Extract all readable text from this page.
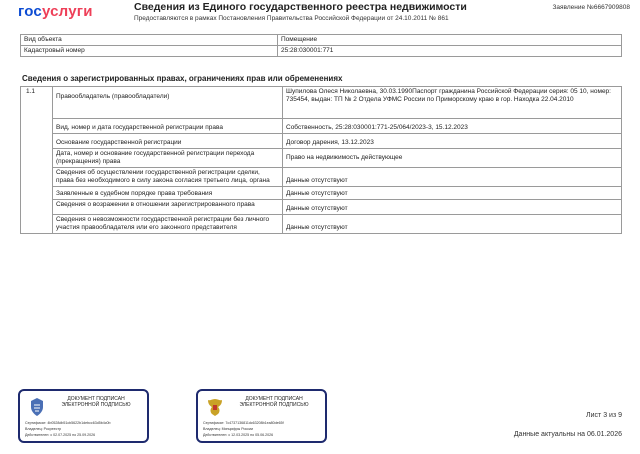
госуслуги	Сведения из Единого государственного реестра недвижимости
Предоставляются в рамках Постановления Правительства Российской Федерации от 24.10.2011 № 861
Заявление №6667909808
Вид объекта	Помещение
Кадастровый номер	25:28:030001:771
Сведения о зарегистрированных правах, ограничениях прав или обременениях
1.1	Правообладатель (правообладатели)	Шупилова Олеся Николаевна, 30.03.1990Паспорт гражданина Российской Федерации серия: 05 10, номер: 735454, выдан: ТП № 2 Отдела УФМС России по Приморскому краю в гор. Находка 22.04.2010
	Вид, номер и дата государственной регистрации права	Собственность, 25:28:030001:771-25/064/2023-3, 15.12.2023
	Основание государственной регистрации	Договор дарения, 13.12.2023
	Дата, номер и основание государственной регистрации перехода (прекращения) права	Право на недвижимость действующее
	Сведения об осуществлении государственной регистрации сделки, права без необходимого в силу закона согласия третьего лица, органа	Данные отсутствуют
	Заявленные в судебном порядке права требования	Данные отсутствуют
	Сведения о возражении в отношении зарегистрированного права	Данные отсутствуют
	Сведения о невозможности государственной регистрации без личного участия правообладателя или его законного представителя	Данные отсутствуют
ДОКУМЕНТ ПОДПИСАН ЭЛЕКТРОННОЙ ПОДПИСЬЮ
Сертификат: 4b0528db51cb5622b1debcc63d5b4c0b
Владелец: Росреестр
Действителен: с 02.07.2025 по 25.09.2026
ДОКУМЕНТ ПОДПИСАН ЭЛЕКТРОННОЙ ПОДПИСЬЮ
Сертификат: 7c4737136811dc63208b1ea80de65f
Владелец: Минцифры России
Действителен: с 12.03.2025 по 05.06.2026
Лист 3 из 9
Данные актуальны на 06.01.2026
